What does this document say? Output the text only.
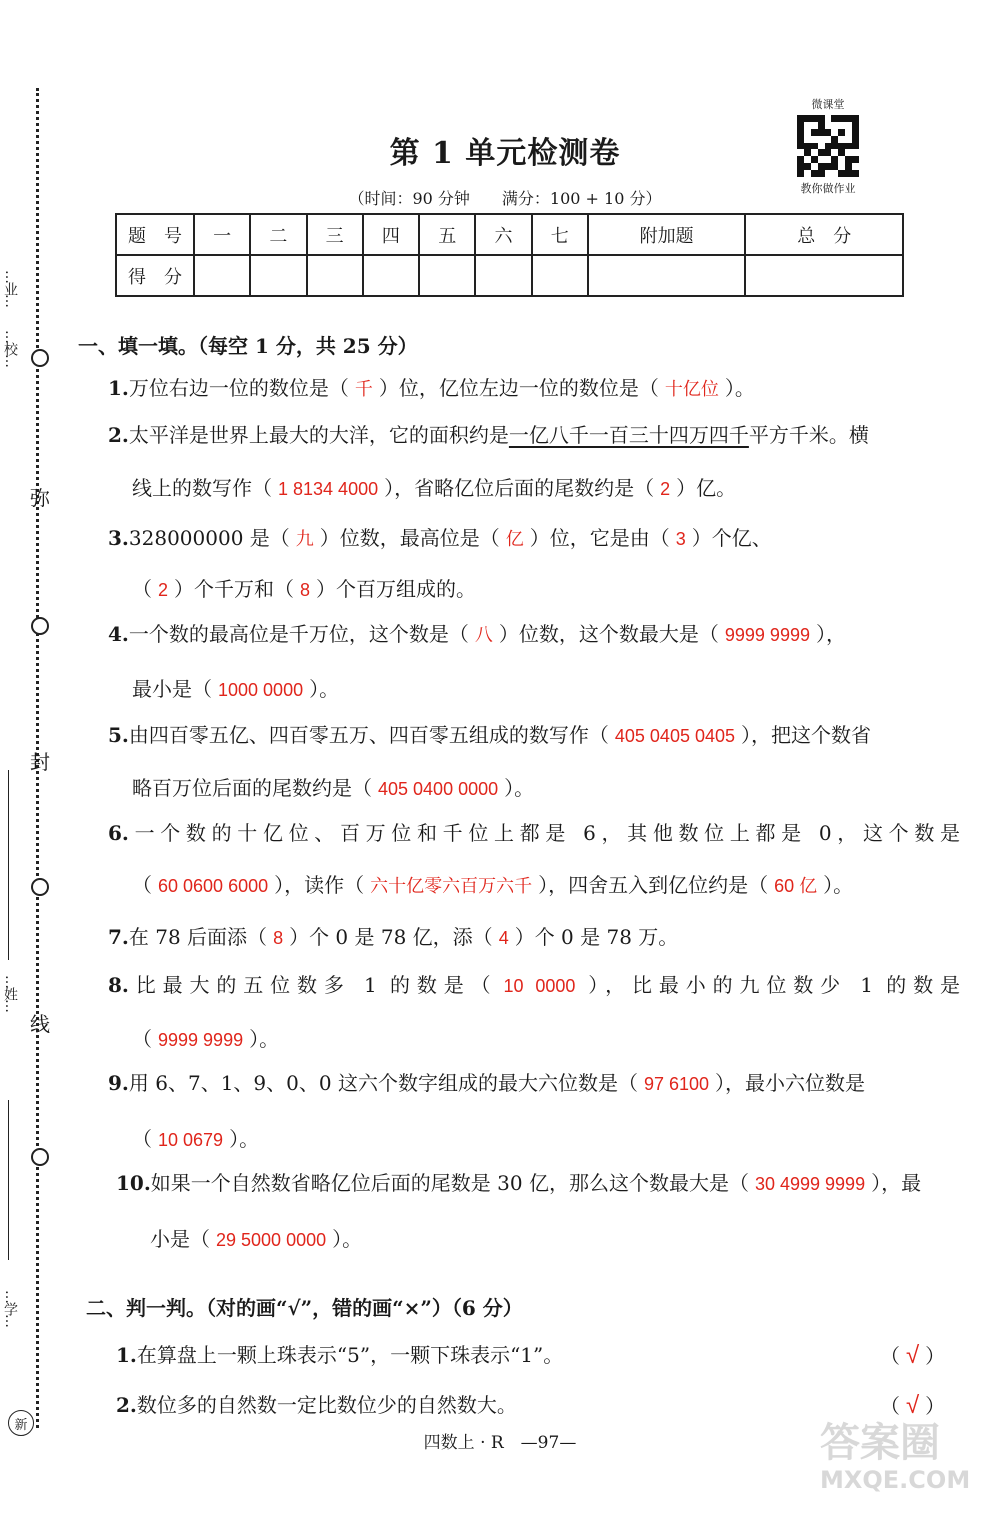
弥
封
线
…业…
…校…
…姓…
…学…
新
第 1 单元检测卷
（时间：90 分钟　　满分：100 + 10 分）
微课堂
教你做作业
题　号	一	二	三	四	五	六	七	附加题	总　分
得　分									
一、填一填。（每空 1 分，共 25 分）
1.万位右边一位的数位是（ 千 ）位，亿位左边一位的数位是（ 十亿位 ）。
2.太平洋是世界上最大的大洋，它的面积约是一亿八千一百三十四万四千平方千米。横
线上的数写作（ 1 8134 4000 ），省略亿位后面的尾数约是（ 2 ）亿。
3.328000000 是（ 九 ）位数，最高位是（ 亿 ）位，它是由（ 3 ）个亿、
（ 2 ）个千万和（ 8 ）个百万组成的。
4.一个数的最高位是千万位，这个数是（ 八 ）位数，这个数最大是（ 9999 9999 ），
最小是（ 1000 0000 ）。
5.由四百零五亿、四百零五万、四百零五组成的数写作（ 405 0405 0405 ），把这个数省
略百万位后面的尾数约是（ 405 0400 0000 ）。
6.一个数的十亿位、百万位和千位上都是 6，其他数位上都是 0，这个数是
（ 60 0600 6000 ），读作（ 六十亿零六百万六千 ），四舍五入到亿位约是（ 60 亿 ）。
7.在 78 后面添（ 8 ）个 0 是 78 亿，添（ 4 ）个 0 是 78 万。
8.比最大的五位数多 1 的数是（ 10 0000 ），比最小的九位数少 1 的数是
（ 9999 9999 ）。
9.用 6、7、1、9、0、0 这六个数字组成的最大六位数是（ 97 6100 ），最小六位数是
（ 10 0679 ）。
10.如果一个自然数省略亿位后面的尾数是 30 亿，那么这个数最大是（ 30 4999 9999 ），最
小是（ 29 5000 0000 ）。
二、判一判。（对的画“√”，错的画“×”）（6 分）
1.在算盘上一颗上珠表示“5”，一颗下珠表示“1”。	（ √ ）
2.数位多的自然数一定比数位少的自然数大。	（ √ ）
四数上 · R　—97—	答案圈
MXQE.COM
